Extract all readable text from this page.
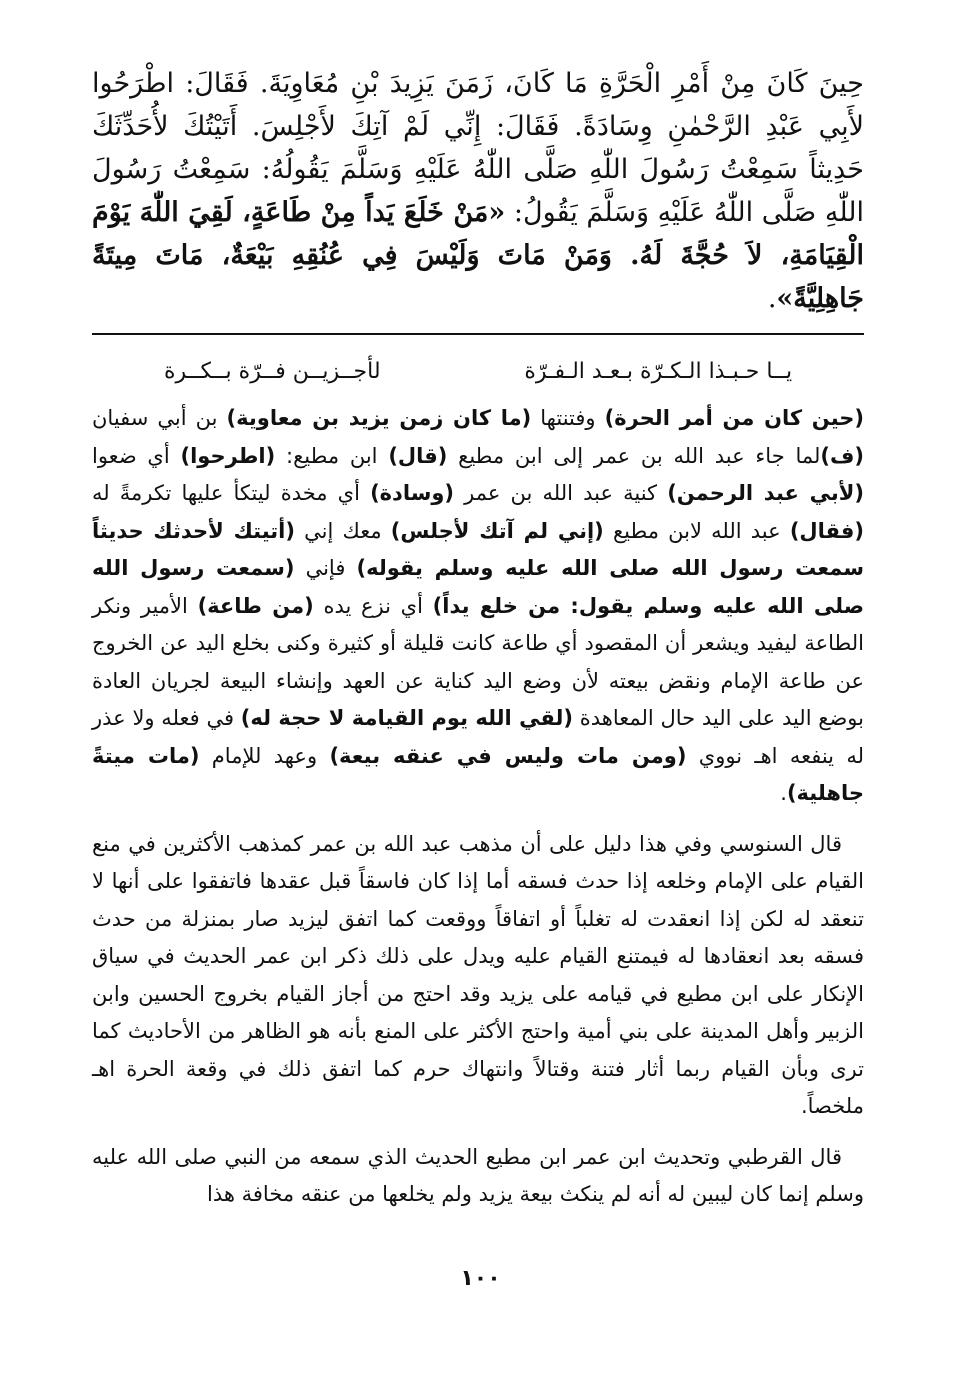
حِينَ كَانَ مِنْ أَمْرِ الْحَرَّةِ مَا كَانَ، زَمَنَ يَزِيدَ بْنِ مُعَاوِيَةَ. فَقَالَ: اطْرَحُوا لأَبِي عَبْدِ الرَّحْمٰنِ وِسَادَةً. فَقَالَ: إِنِّي لَمْ آتِكَ لأَجْلِسَ. أَتَيْتُكَ لأُحَدِّثَكَ حَدِيثاً سَمِعْتُ رَسُولَ اللّٰهِ صَلَّى اللّٰهُ عَلَيْهِ وَسَلَّمَ يَقُولُهُ: سَمِعْتُ رَسُولَ اللّٰهِ صَلَّى اللّٰهُ عَلَيْهِ وَسَلَّمَ يَقُولُ: «مَنْ خَلَعَ يَداً مِنْ طَاعَةٍ، لَقِيَ اللّٰهَ يَوْمَ الْقِيَامَةِ، لاَ حُجَّةَ لَهُ. وَمَنْ مَاتَ وَلَيْسَ فِي عُنُقِهِ بَيْعَةٌ، مَاتَ مِيتَةً جَاهِلِيَّةً».

يــا حـبـذا الـكـرّة بـعـد الـفـرّة
لأجــزيــن فــرّة بــكــرة

(حين كان من أمر الحرة) وفتنتها (ما كان زمن يزيد بن معاوية) بن أبي سفيان (ف)لما جاء عبد الله بن عمر إلى ابن مطيع (قال) ابن مطيع: (اطرحوا) أي ضعوا (لأبي عبد الرحمن) كنية عبد الله بن عمر (وسادة) أي مخدة ليتكأ عليها تكرمةً له (فقال) عبد الله لابن مطيع (إني لم آتك لأجلس) معك إني (أتيتك لأحدثك حديثاً سمعت رسول الله صلى الله عليه وسلم يقوله) فإني (سمعت رسول الله صلى الله عليه وسلم يقول: من خلع يداً) أي نزع يده (من طاعة) الأمير ونكر الطاعة ليفيد ويشعر أن المقصود أي طاعة كانت قليلة أو كثيرة وكنى بخلع اليد عن الخروج عن طاعة الإمام ونقض بيعته لأن وضع اليد كناية عن العهد وإنشاء البيعة لجريان العادة بوضع اليد على اليد حال المعاهدة (لقي الله يوم القيامة لا حجة له) في فعله ولا عذر له ينفعه اهـ نووي (ومن مات وليس في عنقه بيعة) وعهد للإمام (مات ميتةً جاهلية).

قال السنوسي وفي هذا دليل على أن مذهب عبد الله بن عمر كمذهب الأكثرين في منع القيام على الإمام وخلعه إذا حدث فسقه أما إذا كان فاسقاً قبل عقدها فاتفقوا على أنها لا تنعقد له لكن إذا انعقدت له تغلباً أو اتفاقاً ووقعت كما اتفق ليزيد صار بمنزلة من حدث فسقه بعد انعقادها له فيمتنع القيام عليه ويدل على ذلك ذكر ابن عمر الحديث في سياق الإنكار على ابن مطيع في قيامه على يزيد وقد احتج من أجاز القيام بخروج الحسين وابن الزبير وأهل المدينة على بني أمية واحتج الأكثر على المنع بأنه هو الظاهر من الأحاديث كما ترى وبأن القيام ربما أثار فتنة وقتالاً وانتهاك حرم كما اتفق ذلك في وقعة الحرة اهـ ملخصاً.

قال القرطبي وتحديث ابن عمر ابن مطيع الحديث الذي سمعه من النبي صلى الله عليه وسلم إنما كان ليبين له أنه لم ينكث بيعة يزيد ولم يخلعها من عنقه مخافة هذا

١٠٠
